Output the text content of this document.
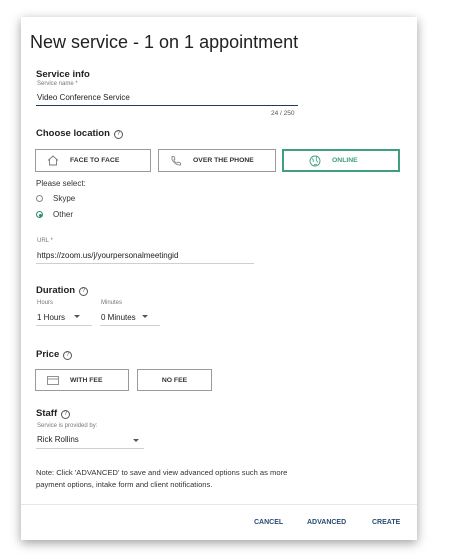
New service - 1 on 1 appointment
Service info
Service name *
Video Conference Service
24 / 250
Choose location ?
FACE TO FACE	OVER THE PHONE	ONLINE
Please select:
Skype
Other
URL *
https://zoom.us/j/yourpersonalmeetingid
Duration ?
Hours
1 Hours
Minutes
0 Minutes
Price ?
WITH FEE	NO FEE
Staff ?
Service is provided by:
Rick Rollins
Note: Click 'ADVANCED' to save and view advanced options such as more
payment options, intake form and client notifications.
CANCEL	ADVANCED	CREATE
